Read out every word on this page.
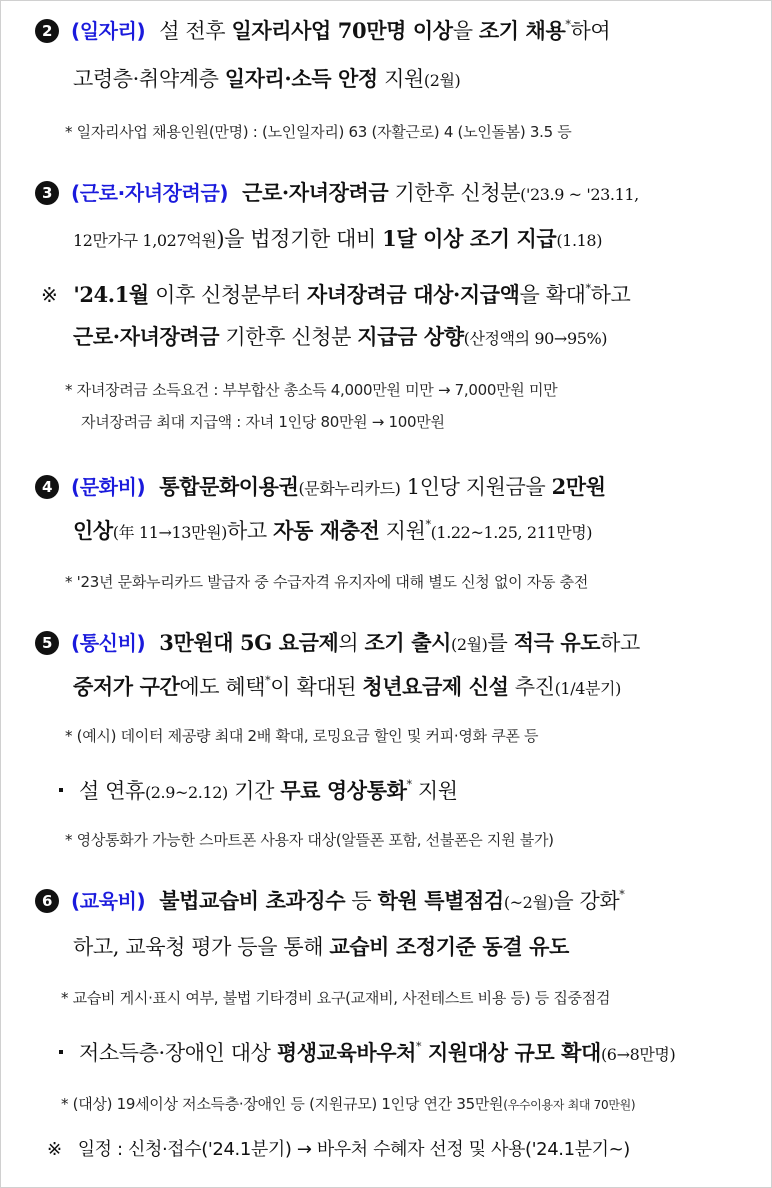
2 (일자리) 설 전후 일자리사업 70만명 이상을 조기 채용*하여
고령층·취약계층 일자리·소득 안정 지원(2월)
* 일자리사업 채용인원(만명) : (노인일자리) 63 (자활근로) 4 (노인돌봄) 3.5 등
3 (근로·자녀장려금) 근로·자녀장려금 기한후 신청분('23.9 ~ '23.11,
12만가구 1,027억원)을 법정기한 대비 1달 이상 조기 지급(1.18)
※ '24.1월 이후 신청분부터 자녀장려금 대상·지급액을 확대*하고
근로·자녀장려금 기한후 신청분 지급금 상향(산정액의 90→95%)
* 자녀장려금 소득요건 : 부부합산 총소득 4,000만원 미만 → 7,000만원 미만
자녀장려금 최대 지급액 : 자녀 1인당 80만원 → 100만원
4 (문화비) 통합문화이용권(문화누리카드) 1인당 지원금을 2만원
인상(年 11→13만원)하고 자동 재충전 지원*(1.22~1.25, 211만명)
* '23년 문화누리카드 발급자 중 수급자격 유지자에 대해 별도 신청 없이 자동 충전
5 (통신비) 3만원대 5G 요금제의 조기 출시(2월)를 적극 유도하고
중저가 구간에도 혜택*이 확대된 청년요금제 신설 추진(1/4분기)
* (예시) 데이터 제공량 최대 2배 확대, 로밍요금 할인 및 커피·영화 쿠폰 등
설 연휴(2.9~2.12) 기간 무료 영상통화* 지원
* 영상통화가 가능한 스마트폰 사용자 대상(알뜰폰 포함, 선불폰은 지원 불가)
6 (교육비) 불법교습비 초과징수 등 학원 특별점검(~2월)을 강화*
하고, 교육청 평가 등을 통해 교습비 조정기준 동결 유도
* 교습비 게시·표시 여부, 불법 기타경비 요구(교재비, 사전테스트 비용 등) 등 집중점검
저소득층·장애인 대상 평생교육바우처* 지원대상 규모 확대(6→8만명)
* (대상) 19세이상 저소득층·장애인 등 (지원규모) 1인당 연간 35만원(우수이용자 최대 70만원)
※ 일정 : 신청·접수('24.1분기) → 바우처 수혜자 선정 및 사용('24.1분기~)
